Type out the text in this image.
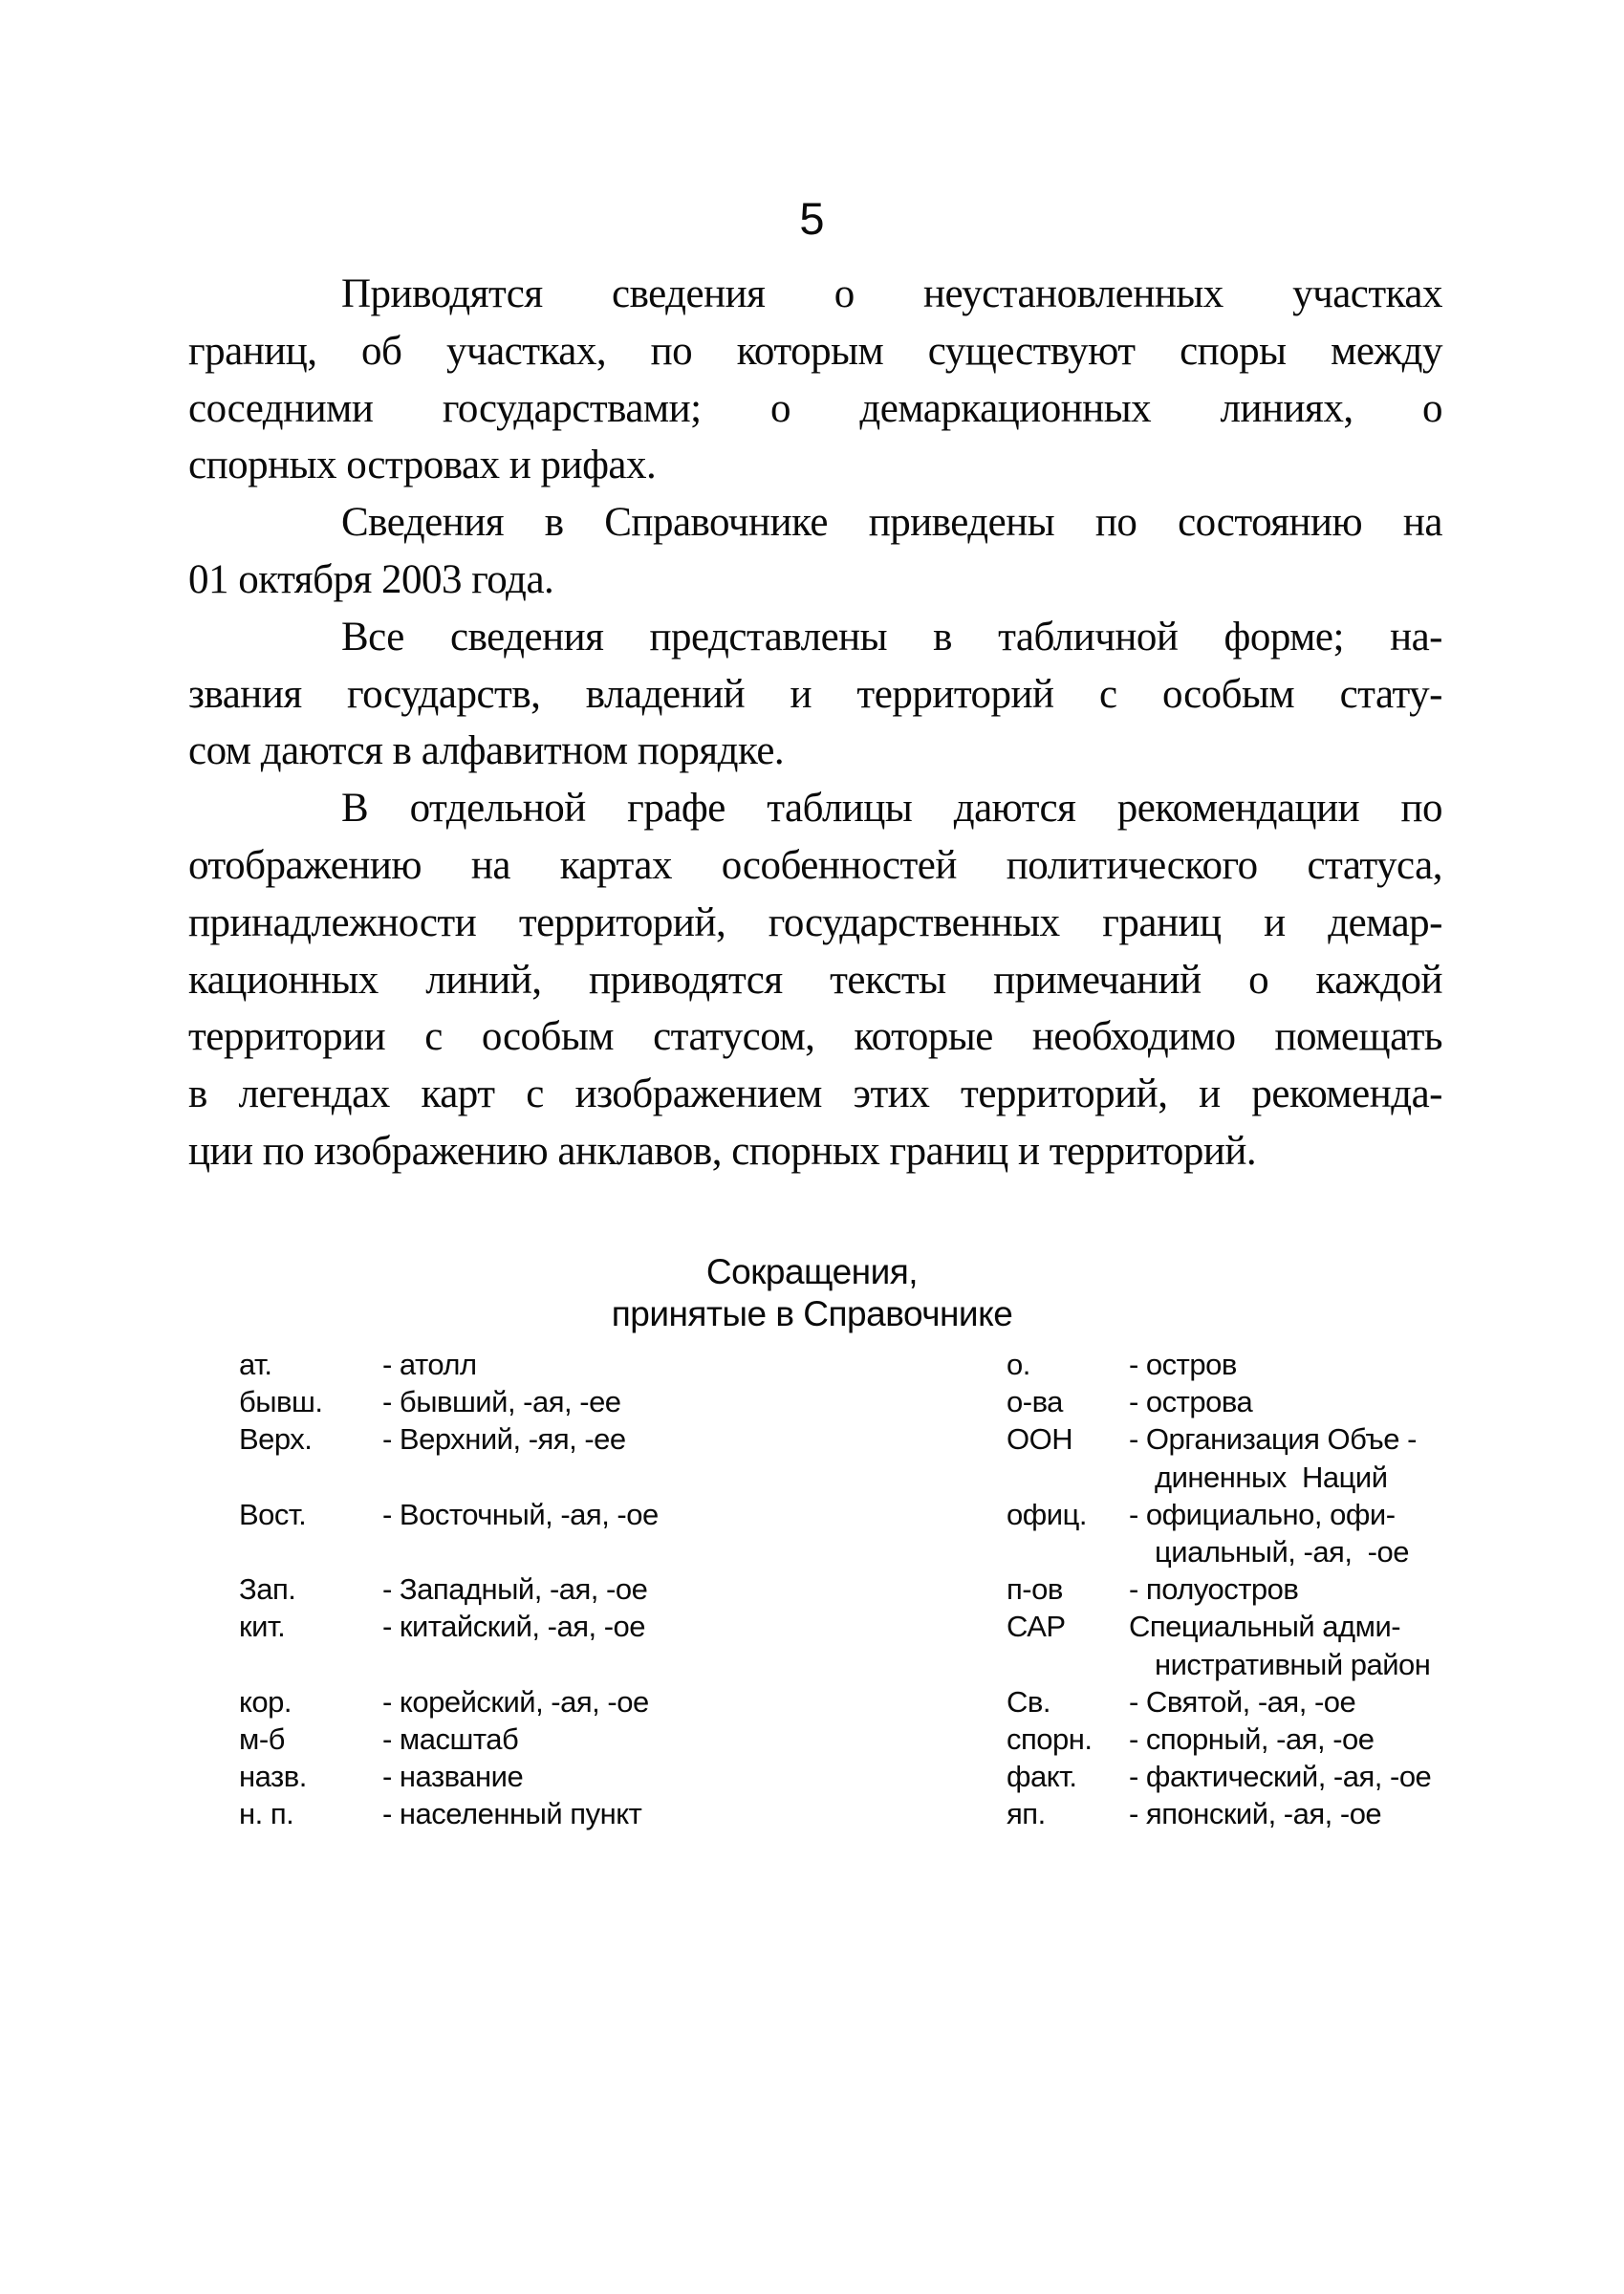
5
Приводятся сведения о неустановленных участках
границ, об участках, по которым существуют споры между
соседними государствами; о демаркационных линиях, о
спорных островах и рифах.
Сведения в Справочнике приведены по состоянию на
01 октября 2003 года.
Все сведения представлены в табличной форме; на-
звания государств, владений и территорий с особым стату-
сом даются в алфавитном порядке.
В отдельной графе таблицы даются рекомендации по
отображению на картах особенностей политического статуса,
принадлежности территорий, государственных границ и демар-
кационных линий, приводятся тексты примечаний о каждой
территории с особым статусом, которые необходимо помещать
в легендах карт с изображением этих территорий, и рекоменда-
ции по изображению анклавов, спорных границ и территорий.
Сокращения,
принятые в Справочнике
ат.	- атолл	о.	- остров
бывш.	- бывший, -ая, -ее	о-ва	- острова
Верх.	- Верхний, -яя, -ее	ООН	- Организация Объе -
диненных  Наций
Вост.	- Восточный, -ая, -ое	офиц.	- официально, офи-
циальный, -ая,  -ое
Зап.	- Западный, -ая, -ое	п-ов	- полуостров
кит.	- китайский, -ая, -ое	САР	Специальный адми-
нистративный район
кор.	- корейский, -ая, -ое	Св.	- Святой, -ая, -ое
м-б	- масштаб	спорн.	- спорный, -ая, -ое
назв.	- название	факт.	- фактический, -ая, -ое
н. п.	- населенный пункт	яп.	- японский, -ая, -ое
